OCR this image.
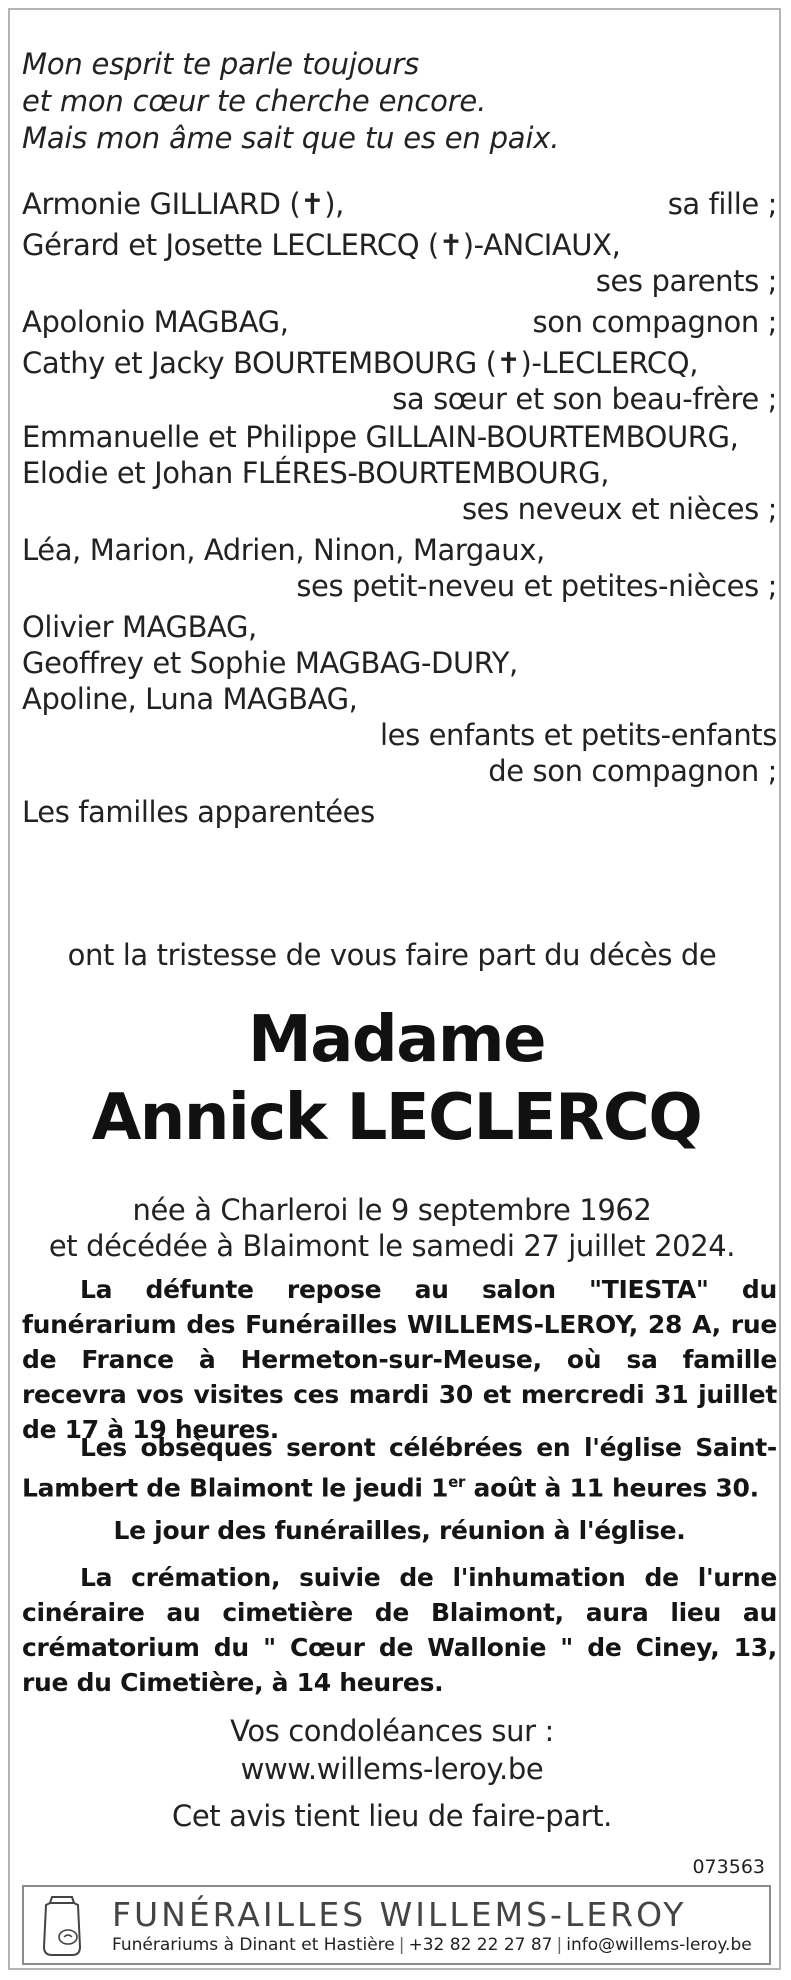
Mon esprit te parle toujours
et mon cœur te cherche encore.
Mais mon âme sait que tu es en paix.
Armonie GILLIARD (✝),	sa fille ;
Gérard et Josette LECLERCQ (✝)-ANCIAUX,
ses parents ;
Apolonio MAGBAG,	son compagnon ;
Cathy et Jacky BOURTEMBOURG (✝)-LECLERCQ,
sa sœur et son beau-frère ;
Emmanuelle et Philippe GILLAIN-BOURTEMBOURG,
Elodie et Johan FLÉRES-BOURTEMBOURG,
ses neveux et nièces ;
Léa, Marion, Adrien, Ninon, Margaux,
ses petit-neveu et petites-nièces ;
Olivier MAGBAG,
Geoffrey et Sophie MAGBAG-DURY,
Apoline, Luna MAGBAG,
les enfants et petits-enfants
de son compagnon ;
Les familles apparentées
ont la tristesse de vous faire part du décès de
Madame
Annick LECLERCQ
née à Charleroi le 9 septembre 1962
et décédée à Blaimont le samedi 27 juillet 2024.
La défunte repose au salon "TIESTA" du funérarium des Funérailles WILLEMS-LEROY, 28 A, rue de France à Hermeton-sur-Meuse, où sa famille recevra vos visites ces mardi 30 et mercredi 31 juillet de 17 à 19 heures.
Les obsèques seront célébrées en l'église Saint-Lambert de Blaimont le jeudi 1er août à 11 heures 30.
Le jour des funérailles, réunion à l'église.
La crémation, suivie de l'inhumation de l'urne cinéraire au cimetière de Blaimont, aura lieu au crématorium du " Cœur de Wallonie " de Ciney, 13, rue du Cimetière, à 14 heures.
Vos condoléances sur :
www.willems-leroy.be
Cet avis tient lieu de faire-part.
073563
FUNÉRAILLES WILLEMS-LEROY
Funérariums à Dinant et Hastière | +32 82 22 27 87 | info@willems-leroy.be
